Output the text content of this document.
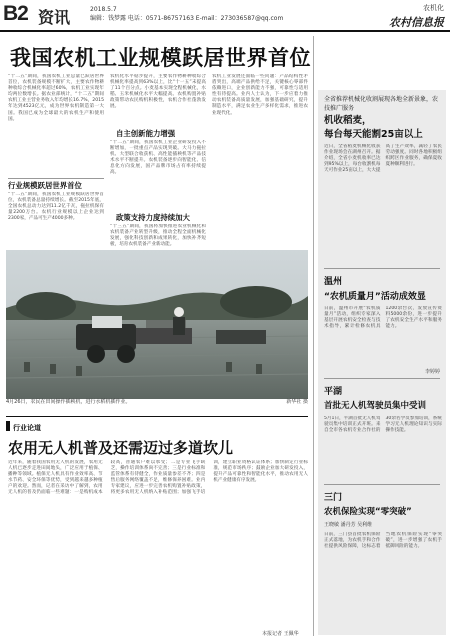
B2 资讯	2018.5.7
编辑：钱梦露 电话：0571-86757163 E-mail：273036587@qq.com
农机化
农村信息报
我国农机工业规模跃居世界首位
“十二五”期间，我国农机工业总量已跃居世界首位，农机装备规模不断扩大，主要农作物耕种收综合机械化率超过60%，农机工业实现年均两位数增长。据农业部统计，“十二五”期间农机工业主营业务收入年均增长16.7%，2015年达到4523亿元，成为世界农机制造第一大国。我国已成为全球最大的农机生产和使用国。
行业规模跃居世界首位
“十二五”期间，我国农机工业规模跃居世界首位，农机装备总量持续增长。截至2015年底，全国农机总动力达到11.2亿千瓦，拖拉机保有量2200万台。农机行业规模以上企业达到2300家，产品可生产4000多种。
农机化水平稳步提升，主要农作物耕种收综合机械化率提高到63%以上，比“十一五”末提高了11个百分点。小麦基本实现全程机械化，水稻、玉米机械化水平大幅提高。农机购置补贴政策带动农民购机积极性，农机合作社蓬勃发展。
自主创新能力增强
“十二五”期间，我国农机工业企业研发投入不断增加，一批重点产品实现突破。大马力拖拉机、大型联合收获机、高性能插秧机等产品技术水平不断提升。农机装备逐步向智能化、信息化方向发展，国产品牌市场占有率持续提高。
政策支持力度持续加大
“十三五”期间，我国将加快推进农业机械化和农机装备产业转型升级，推动全程全面机械化发展，强化科技创新和成果转化，加快补齐短板，培育农机装备产业新动能。
农机工业发展还面临一些问题：产品结构性矛盾突出，高端产品供给不足，关键核心零部件依赖进口，企业创新能力不强，可靠性与适用性有待提高。业内人士认为，下一步应着力推动农机装备高质量发展，加强基础研究，提升制造水平，满足农业生产多样化需求，推进农业现代化。
4月26日，农民在田间操作插秧机，进行水稻机插作业。	新华社 摄
行业论道
农用无人机普及还需迈过多道坎儿
近年来，随着我国农用无人机的发展，农用无人机已逐步走进田间地头，广泛应用于植保、播种等领域。植保无人机具有作业效率高、节水节药、安全环保等优势，受到越来越多种植户的欢迎。然而，记者在采访中了解到，农用无人机的普及仍面临一些难题：一是购机成本较高，普通农户难以承受；二是专业飞手缺乏，操作培训体系尚不完善；三是行业标准和监管体系有待健全，作业质量参差不齐；四是售后服务网络覆盖不足，维修保养困难。业内专家建议，应进一步完善农机购置补贴政策，将更多农用无人机纳入补贴范围；加强飞手培训，建立职业资格认证体系；加快制定行业标准，规范市场秩序；鼓励企业加大研发投入，提升产品可靠性和智能化水平，推动农用无人机产业健康有序发展。
本报记者 王佩华
全省推荐机械化收割展现各地全新景象，农技推广服务
机收稻麦，
每台每天能割25亩以上
近日，全省稻麦机械化收获作业现场会在湖州召开。据介绍，全省小麦机收率已达到95%以上，每台收割机每天可作业25亩以上，大大提高了生产效率，减轻了农民劳动强度。同时各地积极组织跨区作业服务，确保夏收夏种顺利进行。
温州
“农机质量月”活动成效显
日前，温州市开展“农机质量月”活动，组织专家深入基层开展农机安全检查与技术指导，累计检修农机具1200余台次，发放宣传资料5000余份，进一步提升了农机安全生产水平和服务能力。
李婷婷
平湖
首批无人机驾驶员集中受训
5月1日，平湖首批无人机驾驶员集中培训正式开班。来自全市各农机专业合作社的30余名学员参加培训，系统学习无人机理论知识与实际操作技能。
三门
农机保险实现“零突破”
王晓敏 潘丹芳 吴利维
日前，三门县首批农机保险正式落地，为农机手和合作社提供风险保障，这标志着当地农机保险实现“零突破”，进一步增强了农机手抵御风险的能力。
